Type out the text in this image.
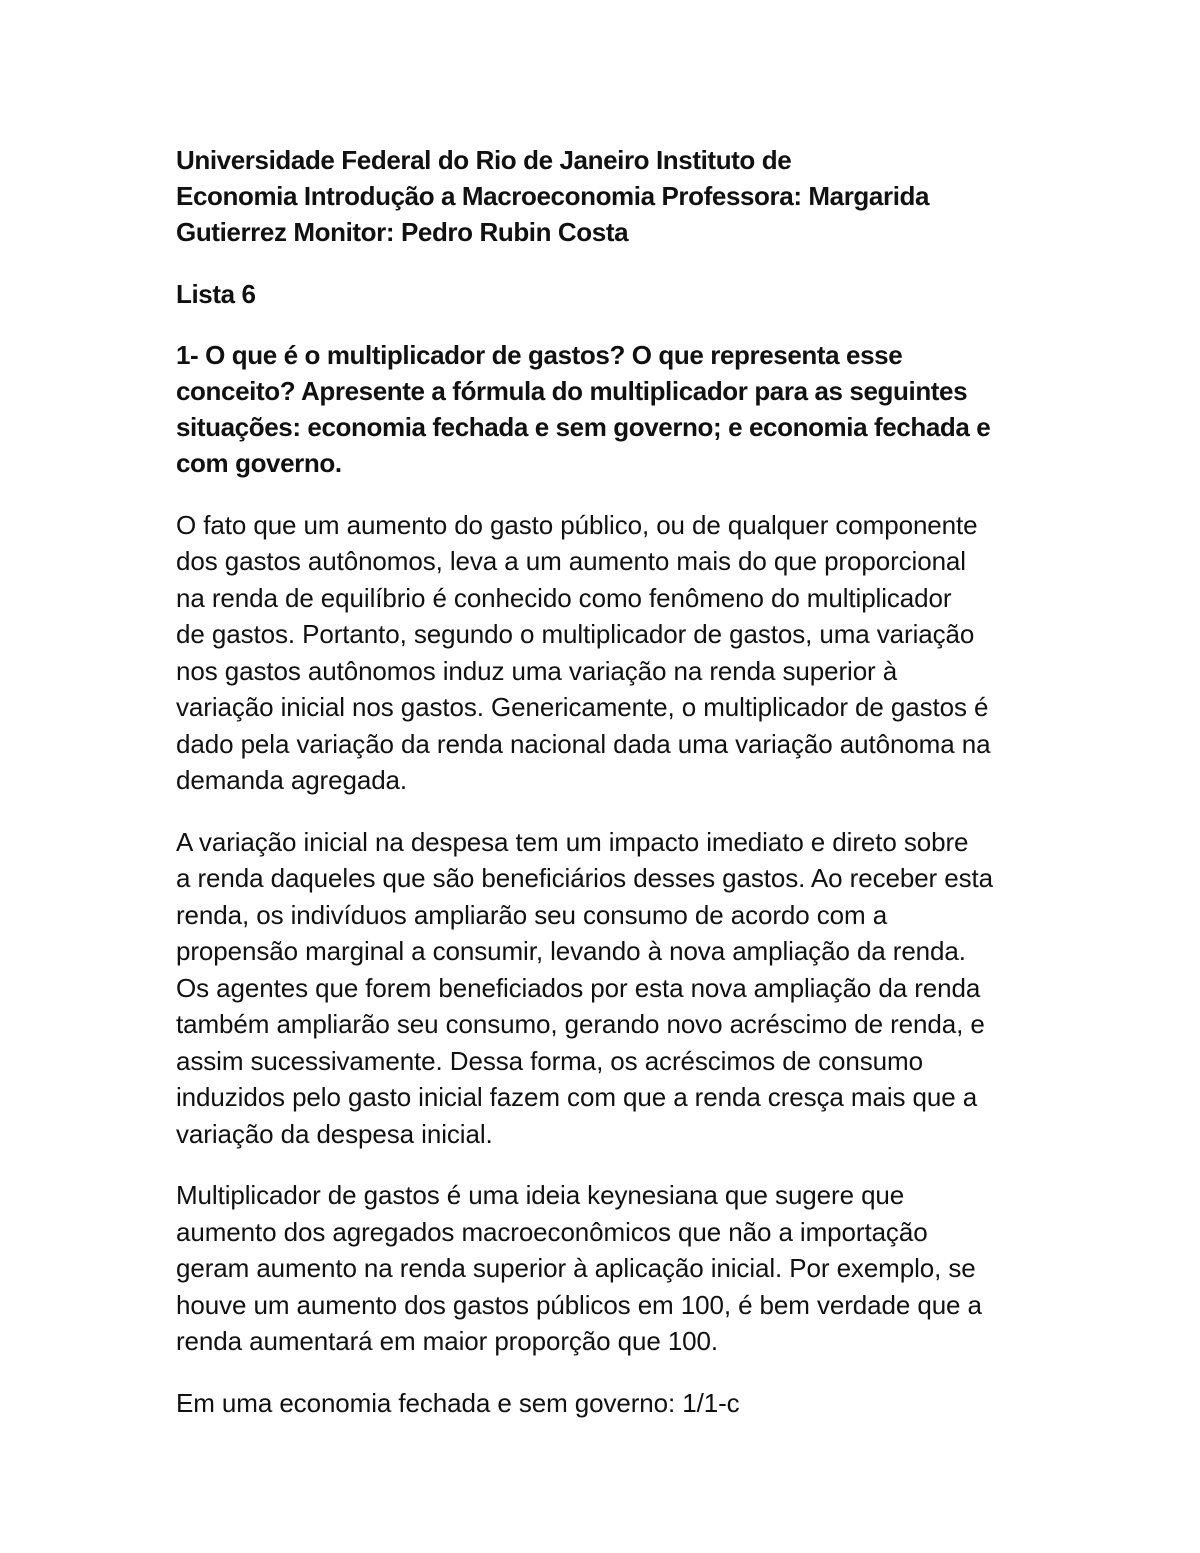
Universidade Federal do Rio de Janeiro Instituto de
Economia Introdução a Macroeconomia Professora: Margarida
Gutierrez Monitor: Pedro Rubin Costa
Lista 6
1- O que é o multiplicador de gastos? O que representa esse
conceito? Apresente a fórmula do multiplicador para as seguintes
situações: economia fechada e sem governo; e economia fechada e
com governo.
O fato que um aumento do gasto público, ou de qualquer componente
dos gastos autônomos, leva a um aumento mais do que proporcional
na renda de equilíbrio é conhecido como fenômeno do multiplicador
de gastos. Portanto, segundo o multiplicador de gastos, uma variação
nos gastos autônomos induz uma variação na renda superior à
variação inicial nos gastos. Genericamente, o multiplicador de gastos é
dado pela variação da renda nacional dada uma variação autônoma na
demanda agregada.
A variação inicial na despesa tem um impacto imediato e direto sobre
a renda daqueles que são beneficiários desses gastos. Ao receber esta
renda, os indivíduos ampliarão seu consumo de acordo com a
propensão marginal a consumir, levando à nova ampliação da renda.
Os agentes que forem beneficiados por esta nova ampliação da renda
também ampliarão seu consumo, gerando novo acréscimo de renda, e
assim sucessivamente. Dessa forma, os acréscimos de consumo
induzidos pelo gasto inicial fazem com que a renda cresça mais que a
variação da despesa inicial.
Multiplicador de gastos é uma ideia keynesiana que sugere que
aumento dos agregados macroeconômicos que não a importação
geram aumento na renda superior à aplicação inicial. Por exemplo, se
houve um aumento dos gastos públicos em 100, é bem verdade que a
renda aumentará em maior proporção que 100.
Em uma economia fechada e sem governo: 1/1-c
